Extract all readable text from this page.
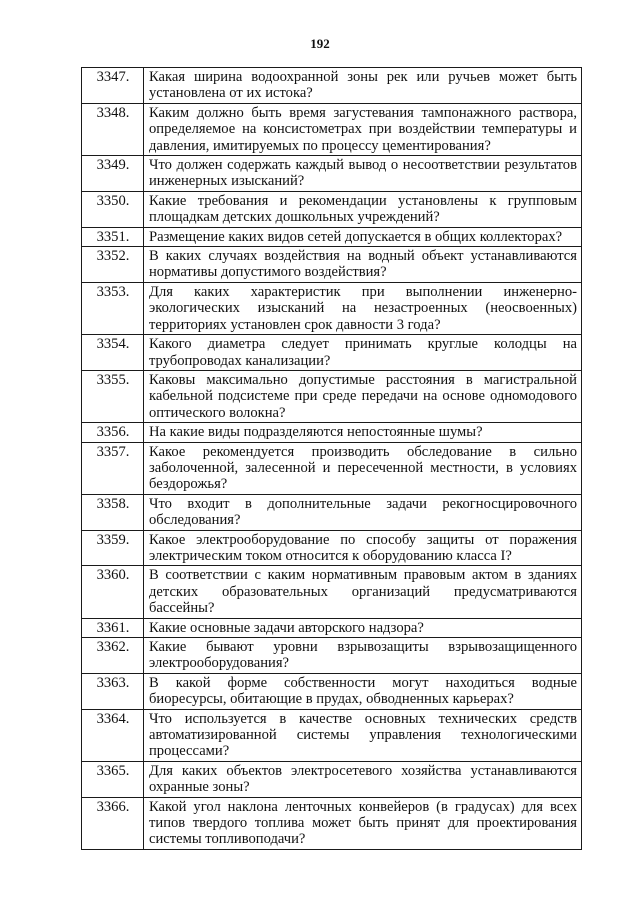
192
3347.	Какая ширина водоохранной зоны рек или ручьев может быть установлена от их истока?
3348.	Каким должно быть время загустевания тампонажного раствора, определяемое на консистометрах при воздействии температуры и давления, имитируемых по процессу цементирования?
3349.	Что должен содержать каждый вывод о несоответствии результатов инженерных изысканий?
3350.	Какие требования и рекомендации установлены к групповым площадкам детских дошкольных учреждений?
3351.	Размещение каких видов сетей допускается в общих коллекторах?
3352.	В каких случаях воздействия на водный объект устанавливаются нормативы допустимого воздействия?
3353.	Для каких характеристик при выполнении инженерно-экологических изысканий на незастроенных (неосвоенных) территориях установлен срок давности 3 года?
3354.	Какого диаметра следует принимать круглые колодцы на трубопроводах канализации?
3355.	Каковы максимально допустимые расстояния в магистральной кабельной подсистеме при среде передачи на основе одномодового оптического волокна?
3356.	На какие виды подразделяются непостоянные шумы?
3357.	Какое рекомендуется производить обследование в сильно заболоченной, залесенной и пересеченной местности, в условиях бездорожья?
3358.	Что входит в дополнительные задачи рекогносцировочного обследования?
3359.	Какое электрооборудование по способу защиты от поражения электрическим током относится к оборудованию класса I?
3360.	В соответствии с каким нормативным правовым актом в зданиях детских образовательных организаций предусматриваются бассейны?
3361.	Какие основные задачи авторского надзора?
3362.	Какие бывают уровни взрывозащиты взрывозащищенного электрооборудования?
3363.	В какой форме собственности могут находиться водные биоресурсы, обитающие в прудах, обводненных карьерах?
3364.	Что используется в качестве основных технических средств автоматизированной системы управления технологическими процессами?
3365.	Для каких объектов электросетевого хозяйства устанавливаются охранные зоны?
3366.	Какой угол наклона ленточных конвейеров (в градусах) для всех типов твердого топлива может быть принят для проектирования системы топливоподачи?
